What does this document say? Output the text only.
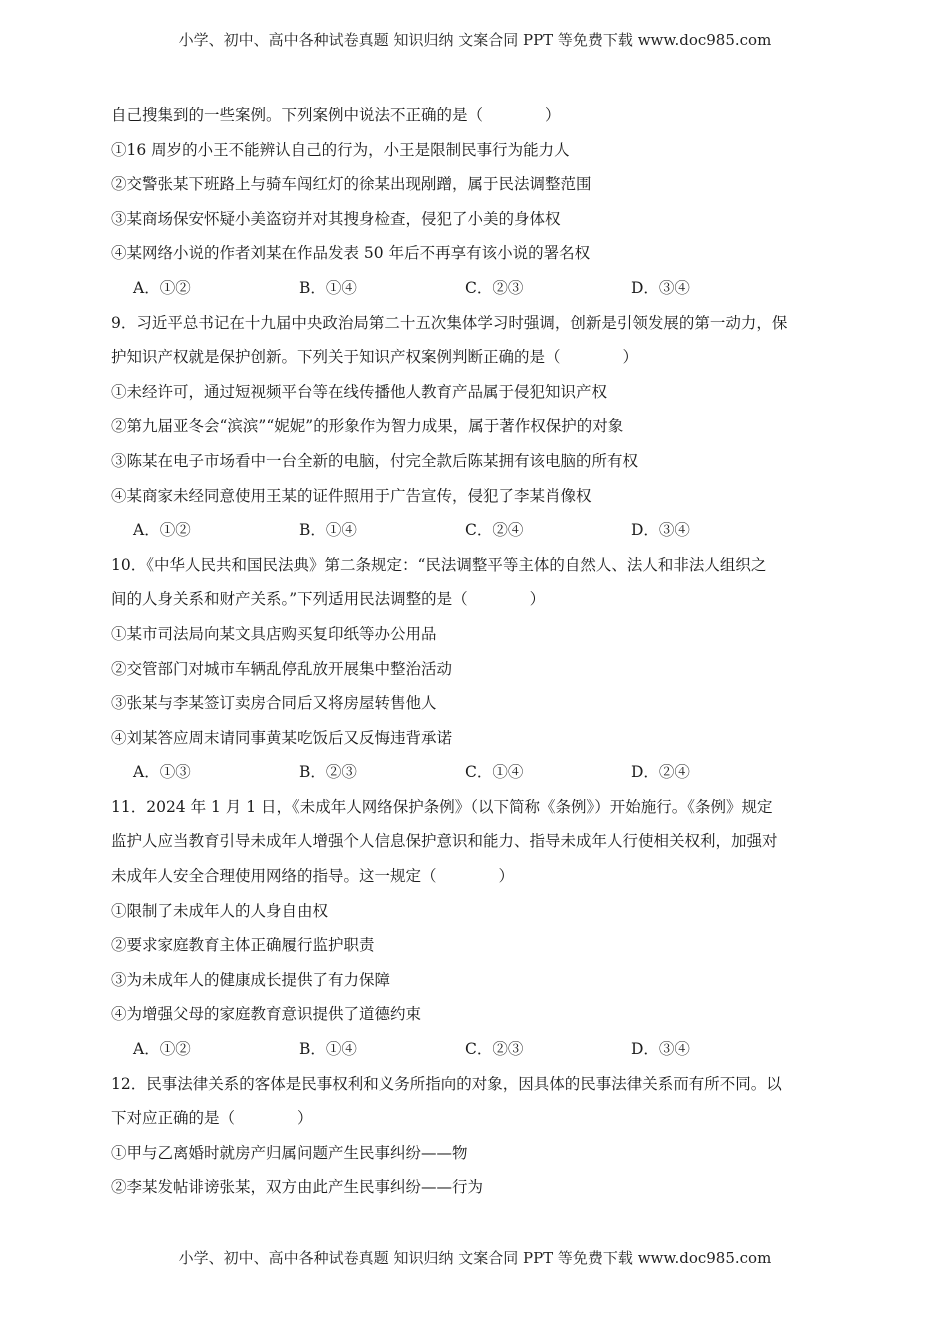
小学、初中、高中各种试卷真题 知识归纳 文案合同 PPT 等免费下载 www.doc985.com
自己搜集到的一些案例。下列案例中说法不正确的是（　　　　）
①16 周岁的小王不能辨认自己的行为，小王是限制民事行为能力人
②交警张某下班路上与骑车闯红灯的徐某出现剐蹭，属于民法调整范围
③某商场保安怀疑小美盗窃并对其搜身检查，侵犯了小美的身体权
④某网络小说的作者刘某在作品发表 50 年后不再享有该小说的署名权
A．①②	B．①④	C．②③	D．③④
9．习近平总书记在十九届中央政治局第二十五次集体学习时强调，创新是引领发展的第一动力，保
护知识产权就是保护创新。下列关于知识产权案例判断正确的是（　　　　）
①未经许可，通过短视频平台等在线传播他人教育产品属于侵犯知识产权
②第九届亚冬会“滨滨”“妮妮”的形象作为智力成果，属于著作权保护的对象
③陈某在电子市场看中一台全新的电脑，付完全款后陈某拥有该电脑的所有权
④某商家未经同意使用王某的证件照用于广告宣传，侵犯了李某肖像权
A．①②	B．①④	C．②④	D．③④
10．《中华人民共和国民法典》第二条规定：“民法调整平等主体的自然人、法人和非法人组织之
间的人身关系和财产关系。”下列适用民法调整的是（　　　　）
①某市司法局向某文具店购买复印纸等办公用品
②交管部门对城市车辆乱停乱放开展集中整治活动
③张某与李某签订卖房合同后又将房屋转售他人
④刘某答应周末请同事黄某吃饭后又反悔违背承诺
A．①③	B．②③	C．①④	D．②④
11．2024 年 1 月 1 日，《未成年人网络保护条例》（以下简称《条例》）开始施行。《条例》规定
监护人应当教育引导未成年人增强个人信息保护意识和能力、指导未成年人行使相关权利，加强对
未成年人安全合理使用网络的指导。这一规定（　　　　）
①限制了未成年人的人身自由权
②要求家庭教育主体正确履行监护职责
③为未成年人的健康成长提供了有力保障
④为增强父母的家庭教育意识提供了道德约束
A．①②	B．①④	C．②③	D．③④
12．民事法律关系的客体是民事权利和义务所指向的对象，因具体的民事法律关系而有所不同。以
下对应正确的是（　　　　）
①甲与乙离婚时就房产归属问题产生民事纠纷——物
②李某发帖诽谤张某，双方由此产生民事纠纷——行为
小学、初中、高中各种试卷真题 知识归纳 文案合同 PPT 等免费下载 www.doc985.com
